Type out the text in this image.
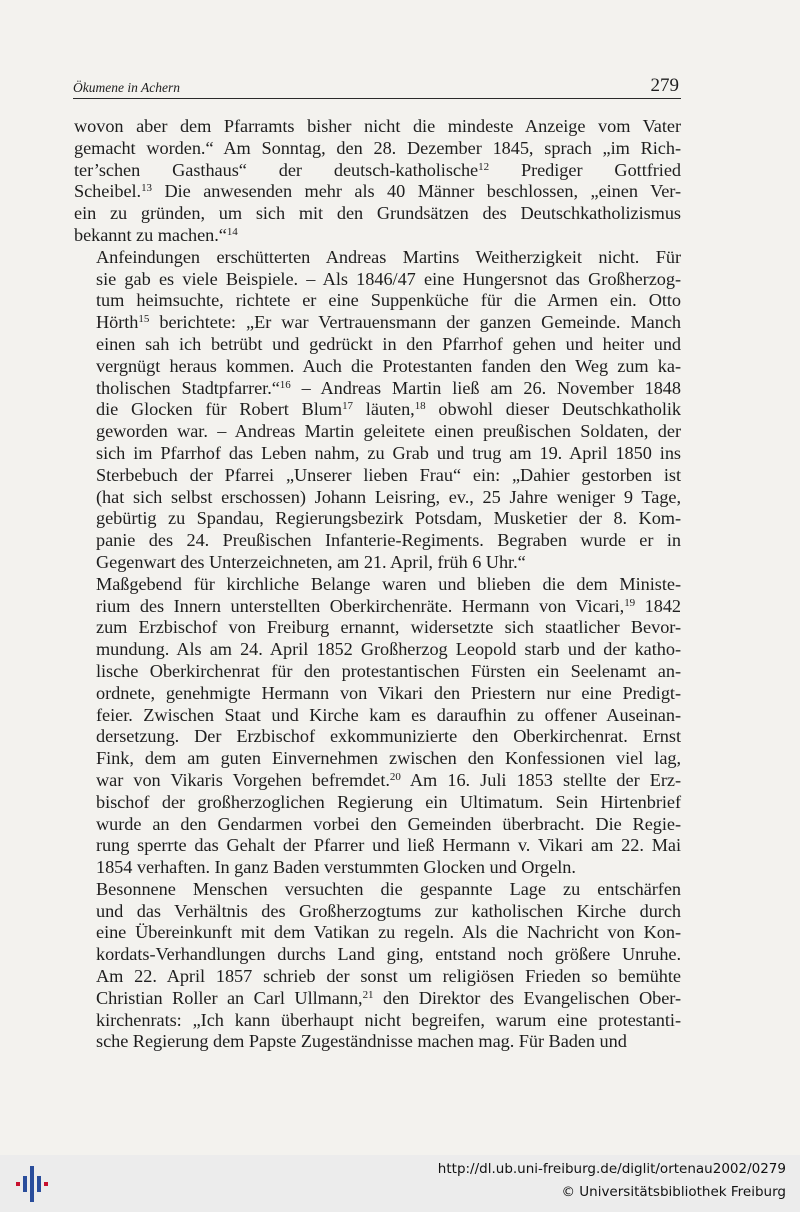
Ökumene in Achern	279

wovon aber dem Pfarramts bisher nicht die mindeste Anzeige vom Vater
gemacht worden.“ Am Sonntag, den 28. Dezember 1845, sprach „im Rich-
ter’schen Gasthaus“ der deutsch-katholische$^{12}$ Prediger Gottfried
Scheibel.$^{13}$ Die anwesenden mehr als 40 Männer beschlossen, „einen Ver-
ein zu gründen, um sich mit den Grundsätzen des Deutschkatholizismus
bekannt zu machen.“$^{14}$

Anfeindungen erschütterten Andreas Martins Weitherzigkeit nicht. Für
sie gab es viele Beispiele. – Als 1846/47 eine Hungersnot das Großherzog-
tum heimsuchte, richtete er eine Suppenküche für die Armen ein. Otto
Hörth$^{15}$ berichtete: „Er war Vertrauensmann der ganzen Gemeinde. Manch
einen sah ich betrübt und gedrückt in den Pfarrhof gehen und heiter und
vergnügt heraus kommen. Auch die Protestanten fanden den Weg zum ka-
tholischen Stadtpfarrer.“$^{16}$ – Andreas Martin ließ am 26. November 1848
die Glocken für Robert Blum$^{17}$ läuten,$^{18}$ obwohl dieser Deutschkatholik
geworden war. – Andreas Martin geleitete einen preußischen Soldaten, der
sich im Pfarrhof das Leben nahm, zu Grab und trug am 19. April 1850 ins
Sterbebuch der Pfarrei „Unserer lieben Frau“ ein: „Dahier gestorben ist
(hat sich selbst erschossen) Johann Leisring, ev., 25 Jahre weniger 9 Tage,
gebürtig zu Spandau, Regierungsbezirk Potsdam, Musketier der 8. Kom-
panie des 24. Preußischen Infanterie-Regiments. Begraben wurde er in
Gegenwart des Unterzeichneten, am 21. April, früh 6 Uhr.“

Maßgebend für kirchliche Belange waren und blieben die dem Ministe-
rium des Innern unterstellten Oberkirchenräte. Hermann von Vicari,$^{19}$ 1842
zum Erzbischof von Freiburg ernannt, widersetzte sich staatlicher Bevor-
mundung. Als am 24. April 1852 Großherzog Leopold starb und der katho-
lische Oberkirchenrat für den protestantischen Fürsten ein Seelenamt an-
ordnete, genehmigte Hermann von Vikari den Priestern nur eine Predigt-
feier. Zwischen Staat und Kirche kam es daraufhin zu offener Auseinan-
dersetzung. Der Erzbischof exkommunizierte den Oberkirchenrat. Ernst
Fink, dem am guten Einvernehmen zwischen den Konfessionen viel lag,
war von Vikaris Vorgehen befremdet.$^{20}$ Am 16. Juli 1853 stellte der Erz-
bischof der großherzoglichen Regierung ein Ultimatum. Sein Hirtenbrief
wurde an den Gendarmen vorbei den Gemeinden überbracht. Die Regie-
rung sperrte das Gehalt der Pfarrer und ließ Hermann v. Vikari am 22. Mai
1854 verhaften. In ganz Baden verstummten Glocken und Orgeln.

Besonnene Menschen versuchten die gespannte Lage zu entschärfen
und das Verhältnis des Großherzogtums zur katholischen Kirche durch
eine Übereinkunft mit dem Vatikan zu regeln. Als die Nachricht von Kon-
kordats-Verhandlungen durchs Land ging, entstand noch größere Unruhe.
Am 22. April 1857 schrieb der sonst um religiösen Frieden so bemühte
Christian Roller an Carl Ullmann,$^{21}$ den Direktor des Evangelischen Ober-
kirchenrats: „Ich kann überhaupt nicht begreifen, warum eine protestanti-
sche Regierung dem Papste Zugeständnisse machen mag. Für Baden und

http://dl.ub.uni-freiburg.de/diglit/ortenau2002/0279
© Universitätsbibliothek Freiburg
